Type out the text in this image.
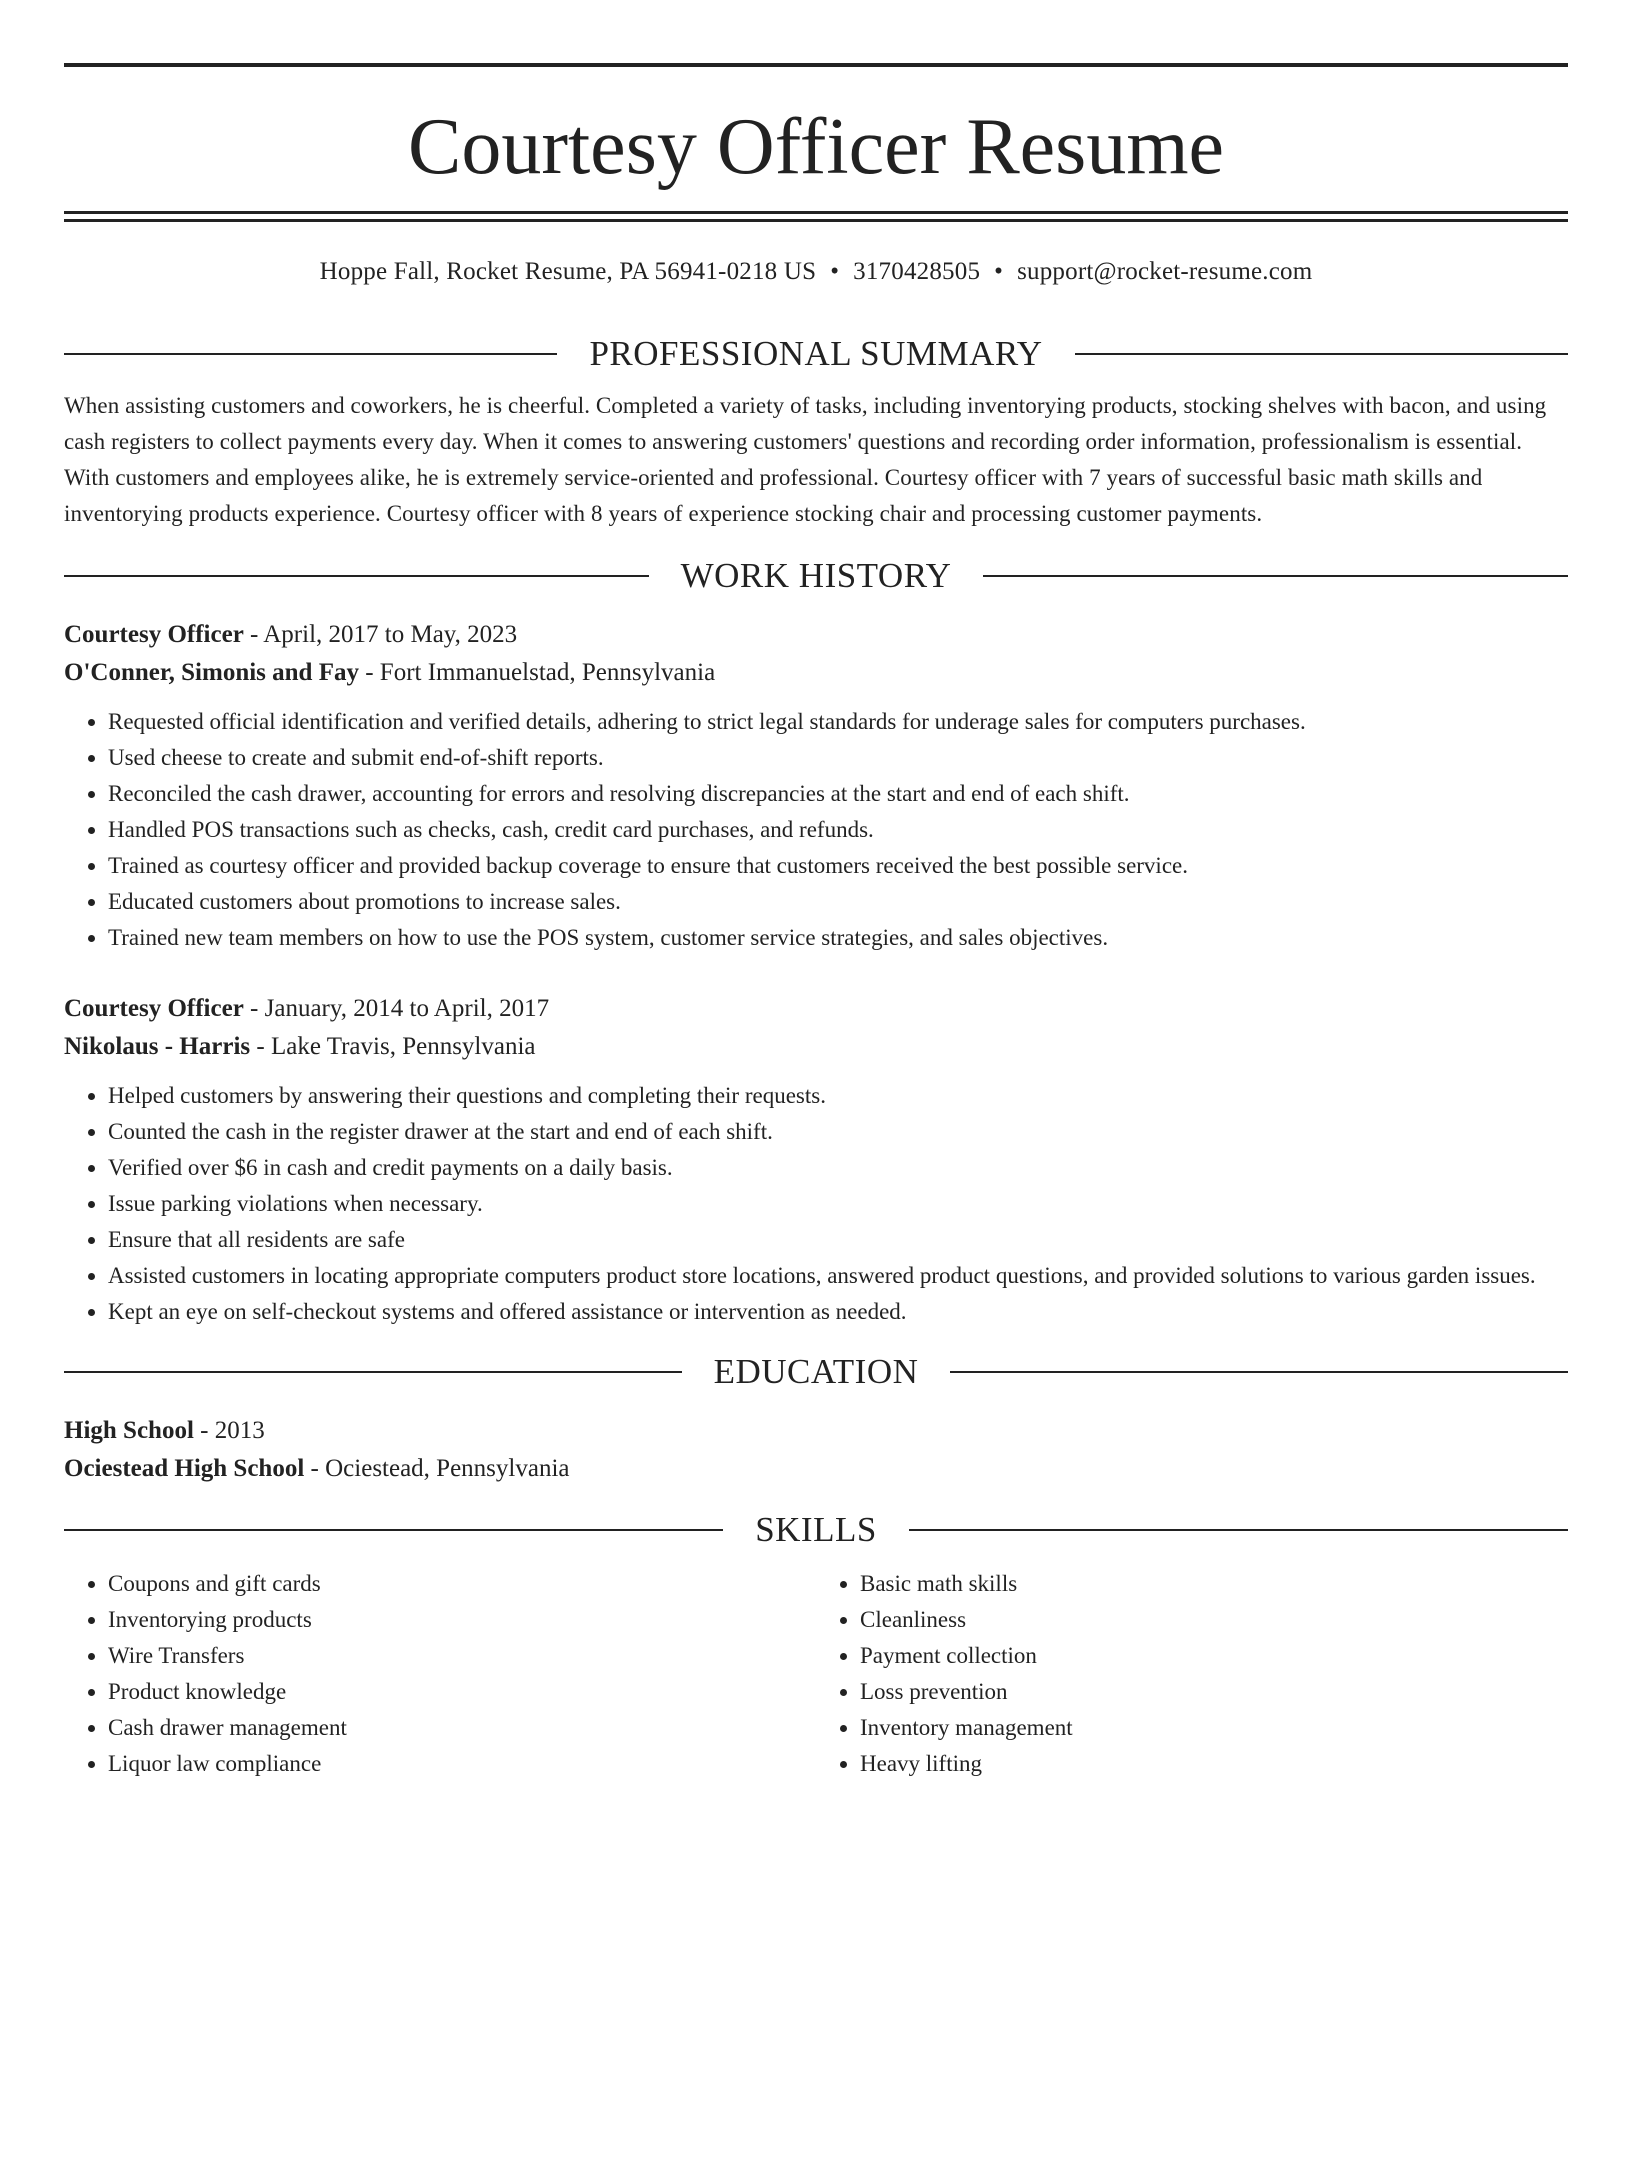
Courtesy Officer Resume
Hoppe Fall, Rocket Resume, PA 56941-0218 US • 3170428505 • support@rocket-resume.com
PROFESSIONAL SUMMARY
When assisting customers and coworkers, he is cheerful. Completed a variety of tasks, including inventorying products, stocking shelves with bacon, and using cash registers to collect payments every day. When it comes to answering customers' questions and recording order information, professionalism is essential. With customers and employees alike, he is extremely service-oriented and professional. Courtesy officer with 7 years of successful basic math skills and inventorying products experience. Courtesy officer with 8 years of experience stocking chair and processing customer payments.
WORK HISTORY
Courtesy Officer - April, 2017 to May, 2023
O'Conner, Simonis and Fay - Fort Immanuelstad, Pennsylvania
• Requested official identification and verified details, adhering to strict legal standards for underage sales for computers purchases.
• Used cheese to create and submit end-of-shift reports.
• Reconciled the cash drawer, accounting for errors and resolving discrepancies at the start and end of each shift.
• Handled POS transactions such as checks, cash, credit card purchases, and refunds.
• Trained as courtesy officer and provided backup coverage to ensure that customers received the best possible service.
• Educated customers about promotions to increase sales.
• Trained new team members on how to use the POS system, customer service strategies, and sales objectives.
Courtesy Officer - January, 2014 to April, 2017
Nikolaus - Harris - Lake Travis, Pennsylvania
• Helped customers by answering their questions and completing their requests.
• Counted the cash in the register drawer at the start and end of each shift.
• Verified over $6 in cash and credit payments on a daily basis.
• Issue parking violations when necessary.
• Ensure that all residents are safe
• Assisted customers in locating appropriate computers product store locations, answered product questions, and provided solutions to various garden issues.
• Kept an eye on self-checkout systems and offered assistance or intervention as needed.
EDUCATION
High School - 2013
Ociestead High School - Ociestead, Pennsylvania
SKILLS
• Coupons and gift cards
• Inventorying products
• Wire Transfers
• Product knowledge
• Cash drawer management
• Liquor law compliance
• Basic math skills
• Cleanliness
• Payment collection
• Loss prevention
• Inventory management
• Heavy lifting
